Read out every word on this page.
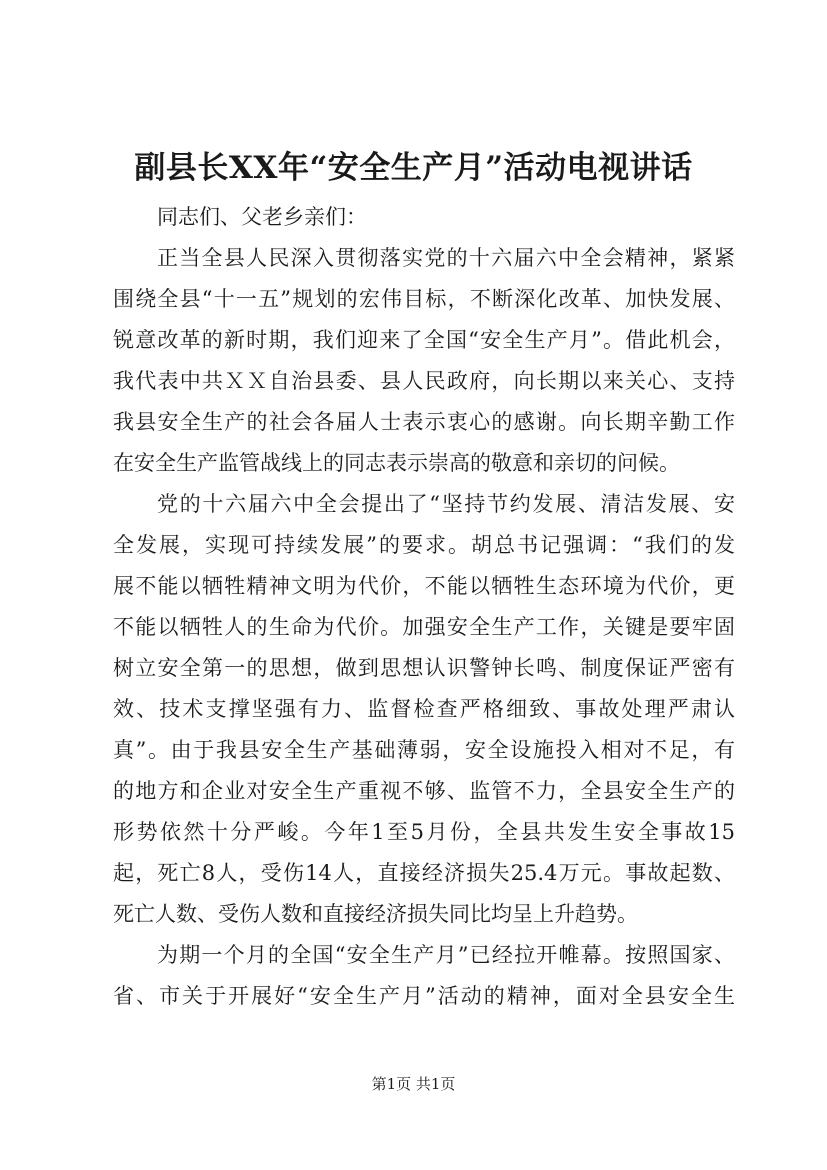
副县长XX年“安全生产月”活动电视讲话
同志们、父老乡亲们：
正当全县人民深入贯彻落实党的十六届六中全会精神，紧紧
围绕全县“十一五”规划的宏伟目标，不断深化改革、加快发展、
锐意改革的新时期，我们迎来了全国“安全生产月”。借此机会，
我代表中共ＸＸ自治县委、县人民政府，向长期以来关心、支持
我县安全生产的社会各届人士表示衷心的感谢。向长期辛勤工作
在安全生产监管战线上的同志表示崇高的敬意和亲切的问候。
党的十六届六中全会提出了“坚持节约发展、清洁发展、安
全发展，实现可持续发展”的要求。胡总书记强调：“我们的发
展不能以牺牲精神文明为代价，不能以牺牲生态环境为代价，更
不能以牺牲人的生命为代价。加强安全生产工作，关键是要牢固
树立安全第一的思想，做到思想认识警钟长鸣、制度保证严密有
效、技术支撑坚强有力、监督检查严格细致、事故处理严肃认
真”。由于我县安全生产基础薄弱，安全设施投入相对不足，有
的地方和企业对安全生产重视不够、监管不力，全县安全生产的
形势依然十分严峻。今年1至5月份，全县共发生安全事故15
起，死亡8人，受伤14人，直接经济损失25.4万元。事故起数、
死亡人数、受伤人数和直接经济损失同比均呈上升趋势。
为期一个月的全国“安全生产月”已经拉开帷幕。按照国家、
省、市关于开展好“安全生产月”活动的精神，面对全县安全生
第1页 共1页
